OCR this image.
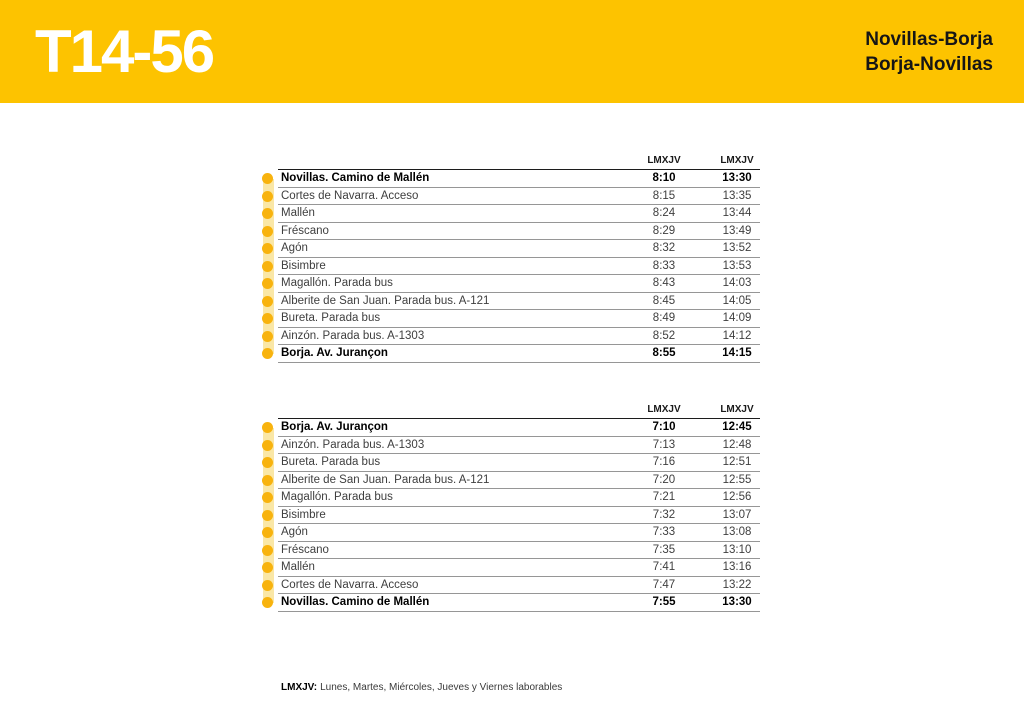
T14-56	Novillas-Borja
Borja-Novillas
LMXJV	LMXJV
Novillas. Camino de Mallén	8:10	13:30
Cortes de Navarra. Acceso	8:15	13:35
Mallén	8:24	13:44
Fréscano	8:29	13:49
Agón	8:32	13:52
Bisimbre	8:33	13:53
Magallón. Parada bus	8:43	14:03
Alberite de San Juan. Parada bus. A-121	8:45	14:05
Bureta. Parada bus	8:49	14:09
Ainzón. Parada bus. A-1303	8:52	14:12
Borja. Av. Jurançon	8:55	14:15
LMXJV	LMXJV
Borja. Av. Jurançon	7:10	12:45
Ainzón. Parada bus. A-1303	7:13	12:48
Bureta. Parada bus	7:16	12:51
Alberite de San Juan. Parada bus. A-121	7:20	12:55
Magallón. Parada bus	7:21	12:56
Bisimbre	7:32	13:07
Agón	7:33	13:08
Fréscano	7:35	13:10
Mallén	7:41	13:16
Cortes de Navarra. Acceso	7:47	13:22
Novillas. Camino de Mallén	7:55	13:30
LMXJV: Lunes, Martes, Miércoles, Jueves y Viernes laborables
